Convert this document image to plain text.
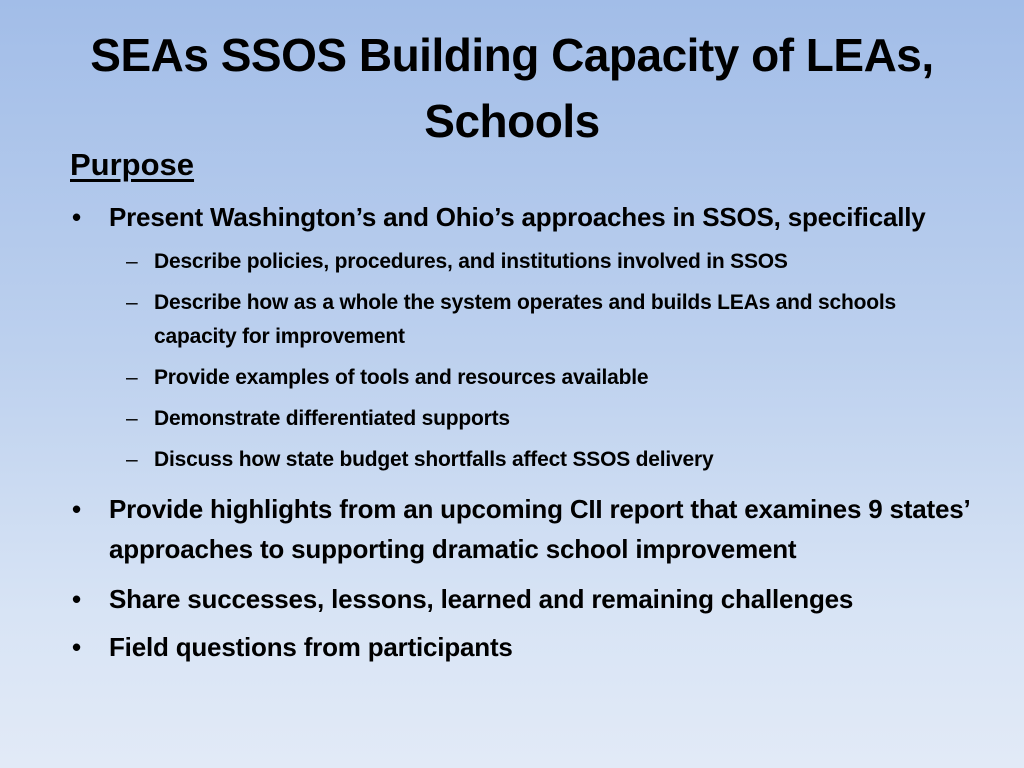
SEAs SSOS Building Capacity of LEAs, Schools
Purpose
• Present Washington’s and Ohio’s approaches in SSOS, specifically
– Describe policies, procedures, and institutions involved in SSOS
– Describe how as a whole the system operates and builds LEAs and schools capacity for improvement
– Provide examples of tools and resources available
– Demonstrate differentiated supports
– Discuss how state budget shortfalls affect SSOS delivery
• Provide highlights from an upcoming CII report that examines 9 states’ approaches to supporting dramatic school improvement
• Share successes, lessons, learned and remaining challenges
• Field questions from participants
